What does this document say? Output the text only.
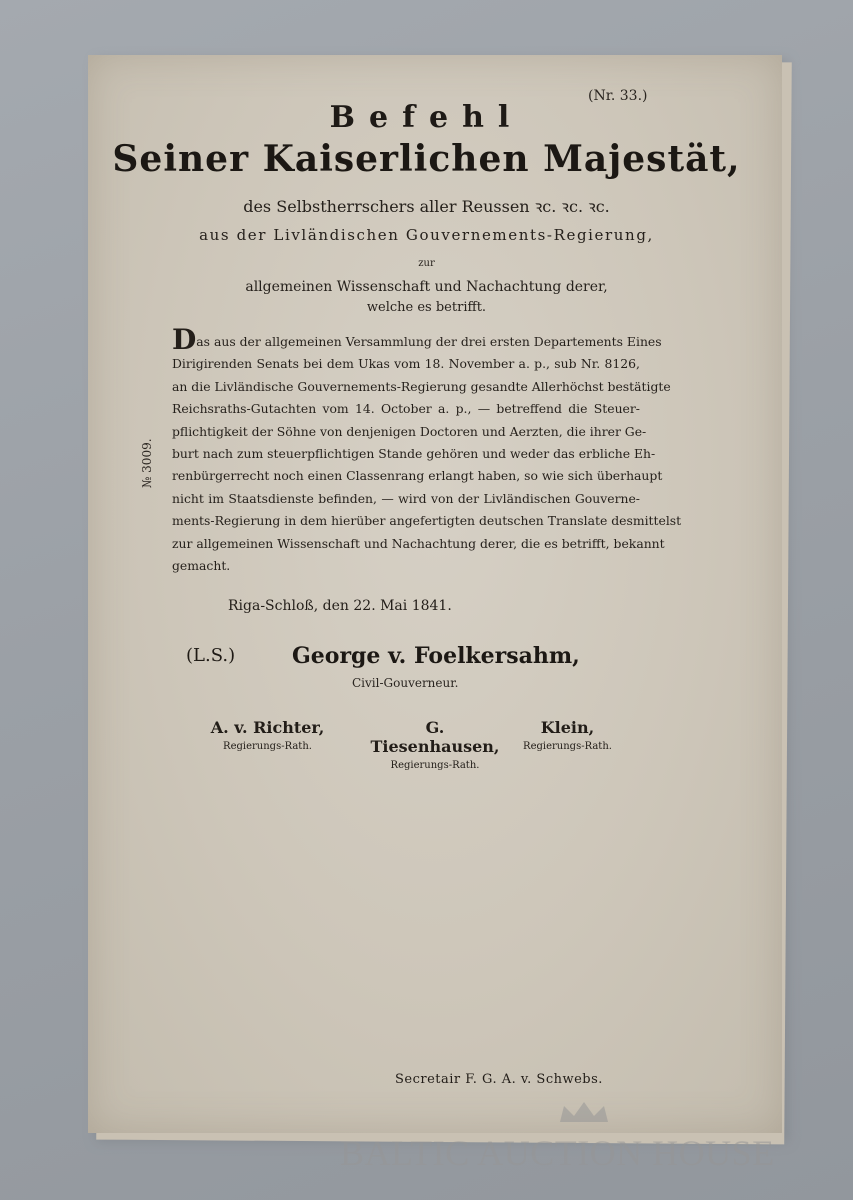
(Nr. 33.)
Befehl
Seiner Kaiserlichen Majestät,
des Selbstherrschers aller Reussen ꝛc. ꝛc. ꝛc.
aus der Livländischen Gouvernements-Regierung,
zur
allgemeinen Wissenschaft und Nachachtung derer,
welche es betrifft.
№ 3009.
Das aus der allgemeinen Versammlung der drei ersten Departements Eines
Dirigirenden Senats bei dem Ukas vom 18. November a. p., sub Nr. 8126,
an die Livländische Gouvernements-Regierung gesandte Allerhöchst bestätigte
Reichsraths-Gutachten vom 14. October a. p., — betreffend die Steuer-
pflichtigkeit der Söhne von denjenigen Doctoren und Aerzten, die ihrer Ge-
burt nach zum steuerpflichtigen Stande gehören und weder das erbliche Eh-
renbürgerrecht noch einen Classenrang erlangt haben, so wie sich überhaupt
nicht im Staatsdienste befinden, — wird von der Livländischen Gouverne-
ments-Regierung in dem hierüber angefertigten deutschen Translate desmittelst
zur allgemeinen Wissenschaft und Nachachtung derer, die es betrifft, bekannt
gemacht.
Riga-Schloß, den 22. Mai 1841.
(L.S.)	George v. Foelkersahm,
Civil-Gouverneur.
A. v. Richter,
Regierungs-Rath.
G. Tiesenhausen,
Regierungs-Rath.
Klein,
Regierungs-Rath.
Secretair F. G. A. v. Schwebs.
BALTIC AUCTION HOUSE
